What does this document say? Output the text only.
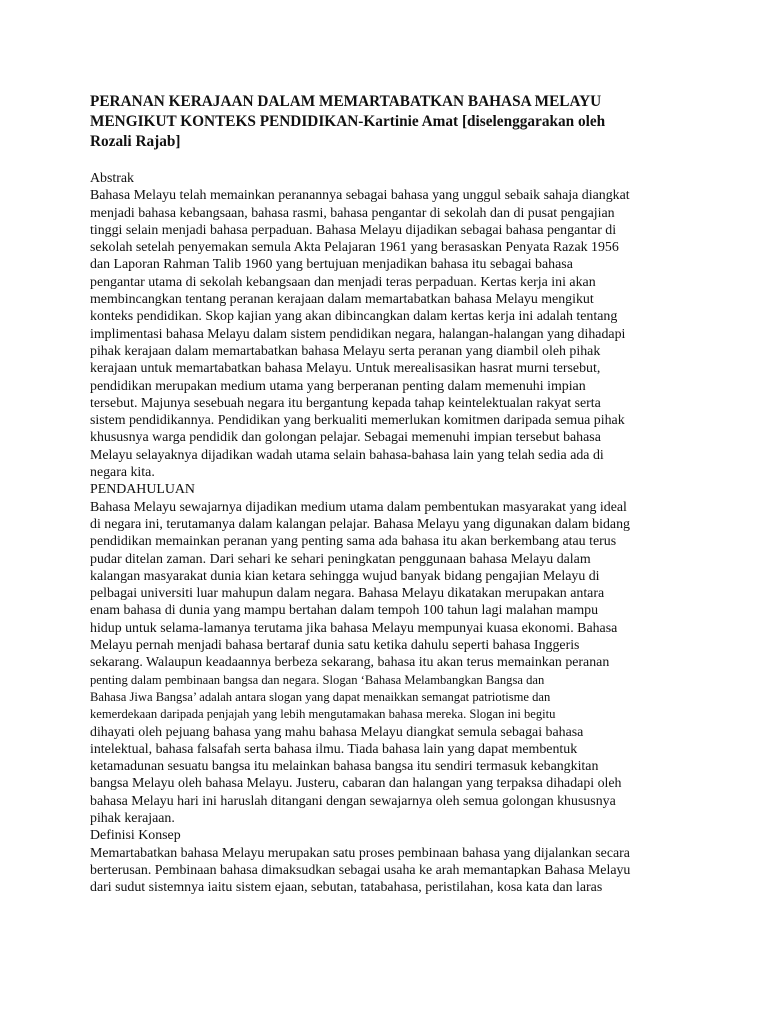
PERANAN KERAJAAN DALAM MEMARTABATKAN BAHASA MELAYU
MENGIKUT KONTEKS PENDIDIKAN-Kartinie Amat [diselenggarakan oleh
Rozali Rajab]
Abstrak
Bahasa Melayu telah memainkan peranannya sebagai bahasa yang unggul sebaik sahaja diangkat
menjadi bahasa kebangsaan, bahasa rasmi, bahasa pengantar di sekolah dan di pusat pengajian
tinggi selain menjadi bahasa perpaduan. Bahasa Melayu dijadikan sebagai bahasa pengantar di
sekolah setelah penyemakan semula Akta Pelajaran 1961 yang berasaskan Penyata Razak 1956
dan Laporan Rahman Talib 1960 yang bertujuan menjadikan bahasa itu sebagai bahasa
pengantar utama di sekolah kebangsaan dan menjadi teras perpaduan. Kertas kerja ini akan
membincangkan tentang peranan kerajaan dalam memartabatkan bahasa Melayu mengikut
konteks pendidikan. Skop kajian yang akan dibincangkan dalam kertas kerja ini adalah tentang
implimentasi bahasa Melayu dalam sistem pendidikan negara, halangan-halangan yang dihadapi
pihak kerajaan dalam memartabatkan bahasa Melayu serta peranan yang diambil oleh pihak
kerajaan untuk memartabatkan bahasa Melayu. Untuk merealisasikan hasrat murni tersebut,
pendidikan merupakan medium utama yang berperanan penting dalam memenuhi impian
tersebut. Majunya sesebuah negara itu bergantung kepada tahap keintelektualan rakyat serta
sistem pendidikannya. Pendidikan yang berkualiti memerlukan komitmen daripada semua pihak
khususnya warga pendidik dan golongan pelajar. Sebagai memenuhi impian tersebut bahasa
Melayu selayaknya dijadikan wadah utama selain bahasa-bahasa lain yang telah sedia ada di
negara kita.
PENDAHULUAN
Bahasa Melayu sewajarnya dijadikan medium utama dalam pembentukan masyarakat yang ideal
di negara ini, terutamanya dalam kalangan pelajar. Bahasa Melayu yang digunakan dalam bidang
pendidikan memainkan peranan yang penting sama ada bahasa itu akan berkembang atau terus
pudar ditelan zaman. Dari sehari ke sehari peningkatan penggunaan bahasa Melayu dalam
kalangan masyarakat dunia kian ketara sehingga wujud banyak bidang pengajian Melayu di
pelbagai universiti luar mahupun dalam negara. Bahasa Melayu dikatakan merupakan antara
enam bahasa di dunia yang mampu bertahan dalam tempoh 100 tahun lagi malahan mampu
hidup untuk selama-lamanya terutama jika bahasa Melayu mempunyai kuasa ekonomi. Bahasa
Melayu pernah menjadi bahasa bertaraf dunia satu ketika dahulu seperti bahasa Inggeris
sekarang. Walaupun keadaannya berbeza sekarang, bahasa itu akan terus memainkan peranan
penting dalam pembinaan bangsa dan negara. Slogan ‘Bahasa Melambangkan Bangsa dan
Bahasa Jiwa Bangsa’ adalah antara slogan yang dapat menaikkan semangat patriotisme dan
kemerdekaan daripada penjajah yang lebih mengutamakan bahasa mereka. Slogan ini begitu
dihayati oleh pejuang bahasa yang mahu bahasa Melayu diangkat semula sebagai bahasa
intelektual, bahasa falsafah serta bahasa ilmu. Tiada bahasa lain yang dapat membentuk
ketamadunan sesuatu bangsa itu melainkan bahasa bangsa itu sendiri termasuk kebangkitan
bangsa Melayu oleh bahasa Melayu. Justeru, cabaran dan halangan yang terpaksa dihadapi oleh
bahasa Melayu hari ini haruslah ditangani dengan sewajarnya oleh semua golongan khususnya
pihak kerajaan.
Definisi Konsep
Memartabatkan bahasa Melayu merupakan satu proses pembinaan bahasa yang dijalankan secara
berterusan. Pembinaan bahasa dimaksudkan sebagai usaha ke arah memantapkan Bahasa Melayu
dari sudut sistemnya iaitu sistem ejaan, sebutan, tatabahasa, peristilahan, kosa kata dan laras
